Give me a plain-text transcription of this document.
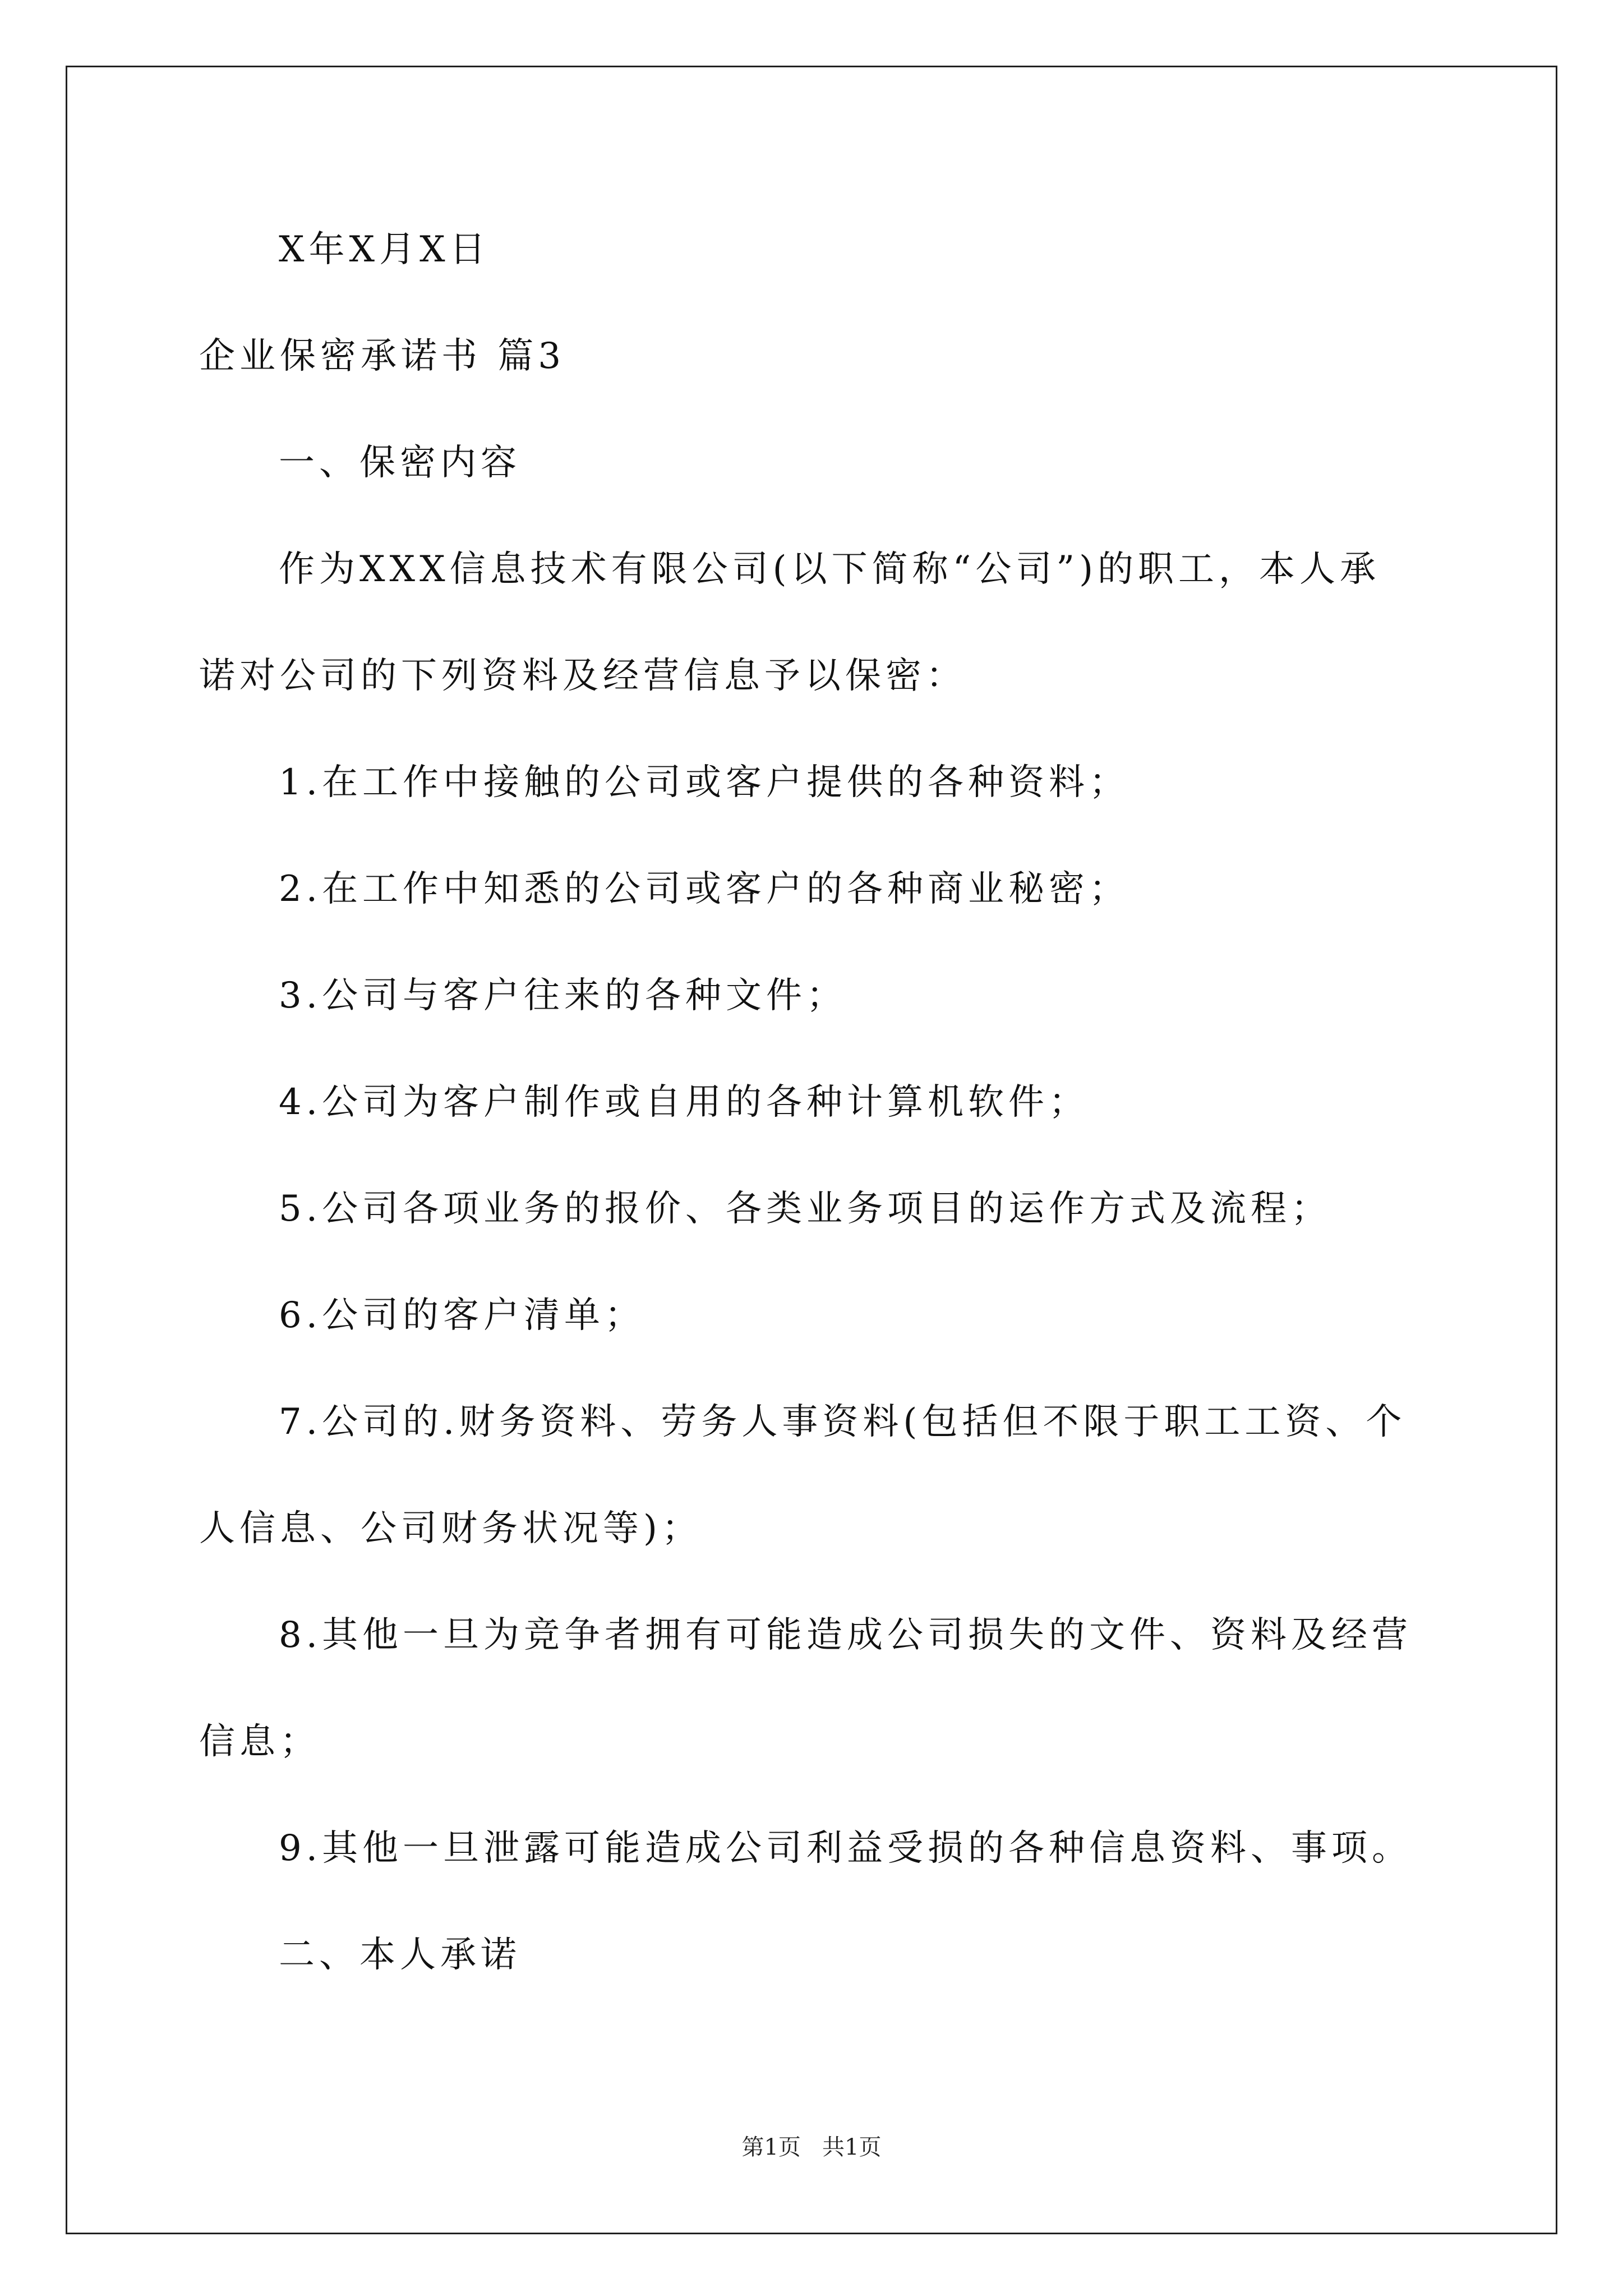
X年X月X日

企业保密承诺书 篇3

一、保密内容

作为XXX信息技术有限公司(以下简称“公司”)的职工，本人承

诺对公司的下列资料及经营信息予以保密：

1.在工作中接触的公司或客户提供的各种资料；

2.在工作中知悉的公司或客户的各种商业秘密；

3.公司与客户往来的各种文件；

4.公司为客户制作或自用的各种计算机软件；

5.公司各项业务的报价、各类业务项目的运作方式及流程；

6.公司的客户清单；

7.公司的.财务资料、劳务人事资料(包括但不限于职工工资、个

人信息、公司财务状况等)；

8.其他一旦为竞争者拥有可能造成公司损失的文件、资料及经营

信息；

9.其他一旦泄露可能造成公司利益受损的各种信息资料、事项。

二、本人承诺

第1页   共1页
